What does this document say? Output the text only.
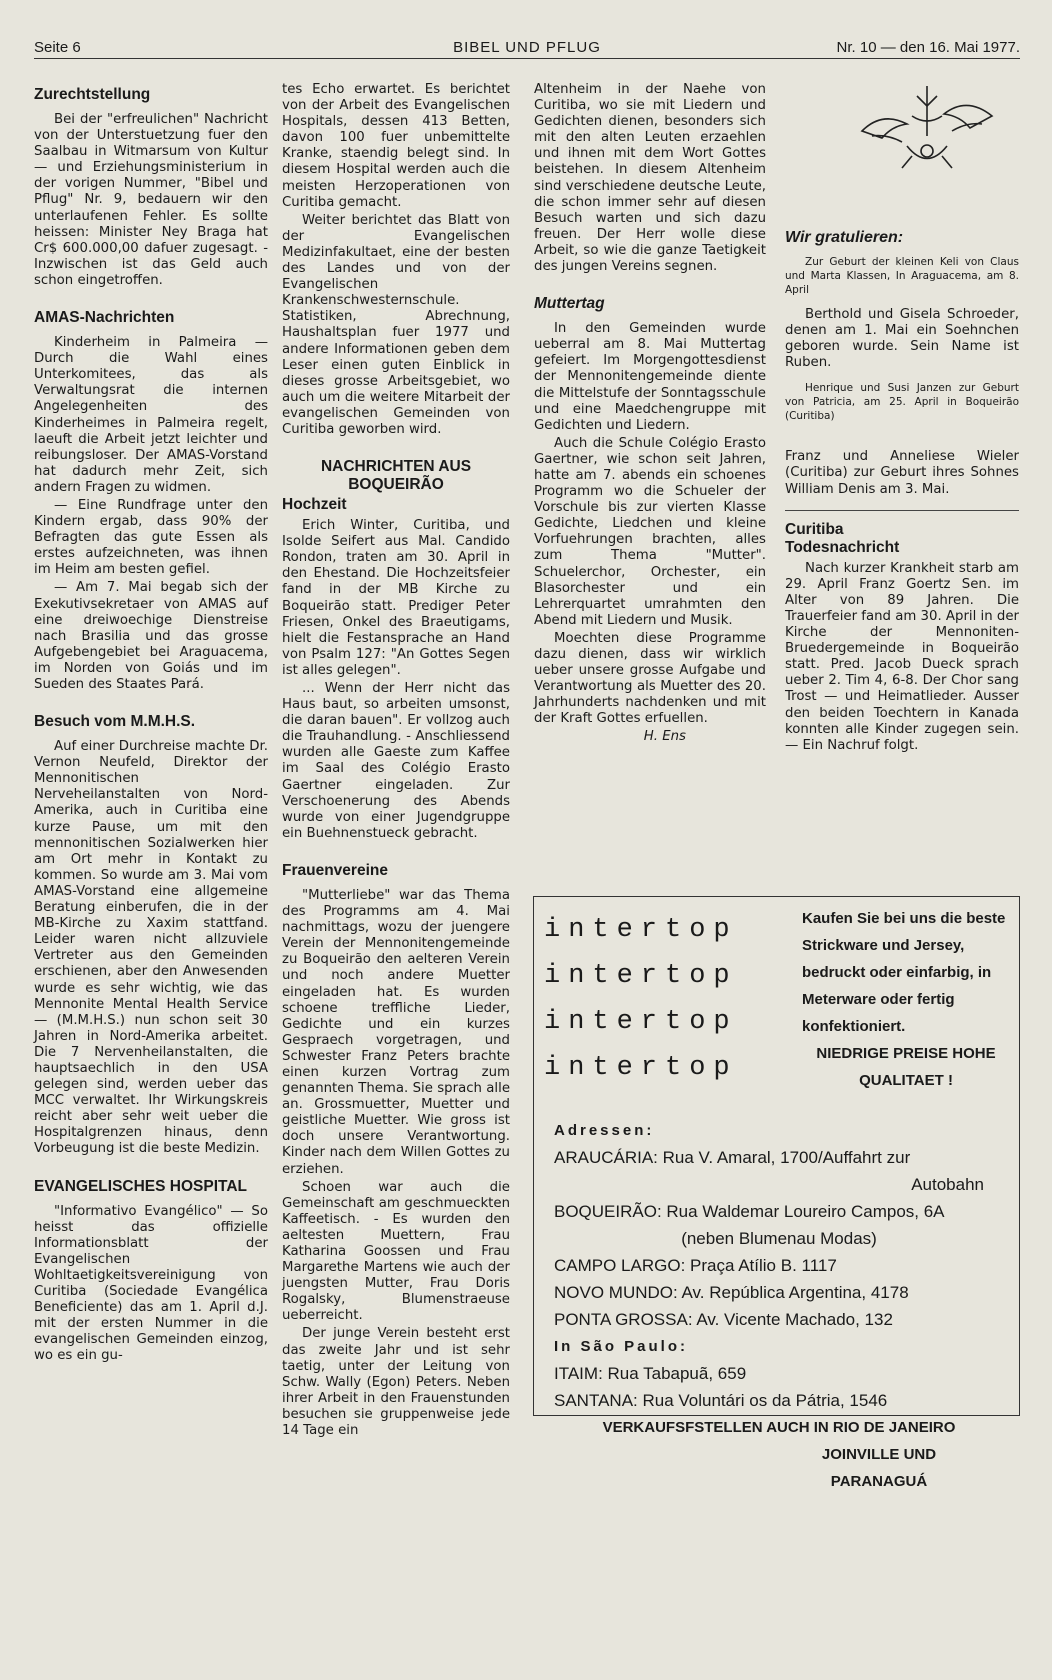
Seite 6	BIBEL UND PFLUG	Nr. 10 — den 16. Mai 1977.
Zurechtstellung

Bei der "erfreulichen" Nachricht von der Unterstuetzung fuer den Saalbau in Witmarsum von Kultur — und Erziehungsministerium in der vorigen Nummer, "Bibel und Pflug" Nr. 9, bedauern wir den unterlaufenen Fehler. Es sollte heissen: Minister Ney Braga hat Cr$ 600.000,00 dafuer zugesagt. - Inzwischen ist das Geld auch schon eingetroffen.

AMAS-Nachrichten

Kinderheim in Palmeira — Durch die Wahl eines Unterkomitees, das als Verwaltungsrat die internen Angelegenheiten des Kinderheimes in Palmeira regelt, laeuft die Arbeit jetzt leichter und reibungsloser. Der AMAS-Vorstand hat dadurch mehr Zeit, sich andern Fragen zu widmen.

— Eine Rundfrage unter den Kindern ergab, dass 90% der Befragten das gute Essen als erstes aufzeichneten, was ihnen im Heim am besten gefiel.

— Am 7. Mai begab sich der Exekutivsekretaer von AMAS auf eine dreiwoechige Dienstreise nach Brasilia und das grosse Aufgebengebiet bei Araguacema, im Norden von Goiás und im Sueden des Staates Pará.

Besuch vom M.M.H.S.

Auf einer Durchreise machte Dr. Vernon Neufeld, Direktor der Mennonitischen Nerveheilanstalten von Nord-Amerika, auch in Curitiba eine kurze Pause, um mit den mennonitischen Sozialwerken hier am Ort mehr in Kontakt zu kommen. So wurde am 3. Mai vom AMAS-Vorstand eine allgemeine Beratung einberufen, die in der MB-Kirche zu Xaxim stattfand. Leider waren nicht allzuviele Vertreter aus den Gemeinden erschienen, aber den Anwesenden wurde es sehr wichtig, wie das Mennonite Mental Health Service — (M.M.H.S.) nun schon seit 30 Jahren in Nord-Amerika arbeitet. Die 7 Nervenheilanstalten, die hauptsaechlich in den USA gelegen sind, werden ueber das MCC verwaltet. Ihr Wirkungskreis reicht aber sehr weit ueber die Hospitalgrenzen hinaus, denn Vorbeugung ist die beste Medizin.

EVANGELISCHES HOSPITAL

"Informativo Evangélico" — So heisst das offizielle Informationsblatt der Evangelischen Wohltaetigkeitsvereinigung von Curitiba (Sociedade Evangélica Beneficiente) das am 1. April d.J. mit der ersten Nummer in die evangelischen Gemeinden einzog, wo es ein gu-

tes Echo erwartet. Es berichtet von der Arbeit des Evangelischen Hospitals, dessen 413 Betten, davon 100 fuer unbemittelte Kranke, staendig belegt sind. In diesem Hospital werden auch die meisten Herzoperationen von Curitiba gemacht.

Weiter berichtet das Blatt von der Evangelischen Medizinfakultaet, eine der besten des Landes und von der Evangelischen Krankenschwesternschule. Statistiken, Abrechnung, Haushaltsplan fuer 1977 und andere Informationen geben dem Leser einen guten Einblick in dieses grosse Arbeitsgebiet, wo auch um die weitere Mitarbeit der evangelischen Gemeinden von Curitiba geworben wird.

NACHRICHTEN AUS BOQUEIRÃO
Hochzeit

Erich Winter, Curitiba, und Isolde Seifert aus Mal. Candido Rondon, traten am 30. April in den Ehestand. Die Hochzeitsfeier fand in der MB Kirche zu Boqueirão statt. Prediger Peter Friesen, Onkel des Braeutigams, hielt die Festansprache an Hand von Psalm 127: "An Gottes Segen ist alles gelegen".

... Wenn der Herr nicht das Haus baut, so arbeiten umsonst, die daran bauen". Er vollzog auch die Trauhandlung. - Anschliessend wurden alle Gaeste zum Kaffee im Saal des Colégio Erasto Gaertner eingeladen. Zur Verschoenerung des Abends wurde von einer Jugendgruppe ein Buehnenstueck gebracht.

Frauenvereine

"Mutterliebe" war das Thema des Programms am 4. Mai nachmittags, wozu der juengere Verein der Mennonitengemeinde zu Boqueirão den aelteren Verein und noch andere Muetter eingeladen hat. Es wurden schoene treffliche Lieder, Gedichte und ein kurzes Gespraech vorgetragen, und Schwester Franz Peters brachte einen kurzen Vortrag zum genannten Thema. Sie sprach alle an. Grossmuetter, Muetter und geistliche Muetter. Wie gross ist doch unsere Verantwortung. Kinder nach dem Willen Gottes zu erziehen.

Schoen war auch die Gemeinschaft am geschmueckten Kaffeetisch. - Es wurden den aeltesten Muettern, Frau Katharina Goossen und Frau Margarethe Martens wie auch der juengsten Mutter, Frau Doris Rogalsky, Blumenstraeuse ueberreicht.

Der junge Verein besteht erst das zweite Jahr und ist sehr taetig, unter der Leitung von Schw. Wally (Egon) Peters. Neben ihrer Arbeit in den Frauenstunden besuchen sie gruppenweise jede 14 Tage ein

Altenheim in der Naehe von Curitiba, wo sie mit Liedern und Gedichten dienen, besonders sich mit den alten Leuten erzaehlen und ihnen mit dem Wort Gottes beistehen. In diesem Altenheim sind verschiedene deutsche Leute, die schon immer sehr auf diesen Besuch warten und sich dazu freuen. Der Herr wolle diese Arbeit, so wie die ganze Taetigkeit des jungen Vereins segnen.

Muttertag

In den Gemeinden wurde ueberral am 8. Mai Muttertag gefeiert. Im Morgengottesdienst der Mennonitengemeinde diente die Mittelstufe der Sonntagsschule und eine Maedchengruppe mit Gedichten und Liedern.

Auch die Schule Colégio Erasto Gaertner, wie schon seit Jahren, hatte am 7. abends ein schoenes Programm wo die Schueler der Vorschule bis zur vierten Klasse Gedichte, Liedchen und kleine Vorfuehrungen brachten, alles zum Thema "Mutter". Schuelerchor, Orchester, ein Blasorchester und ein Lehrerquartet umrahmten den Abend mit Liedern und Musik.

Moechten diese Programme dazu dienen, dass wir wirklich ueber unsere grosse Aufgabe und Verantwortung als Muetter des 20. Jahrhunderts nachdenken und mit der Kraft Gottes erfuellen.

H. Ens
Wir gratulieren:

Zur Geburt der kleinen Keli von Claus und Marta Klassen, In Araguacema, am 8. April

Berthold und Gisela Schroeder, denen am 1. Mai ein Soehnchen geboren wurde. Sein Name ist Ruben.

Henrique und Susi Janzen zur Geburt von Patricia, am 25. April in Boqueirão (Curitiba)

Franz und Anneliese Wieler (Curitiba) zur Geburt ihres Sohnes William Denis am 3. Mai.

Curitiba
Todesnachricht

Nach kurzer Krankheit starb am 29. April Franz Goertz Sen. im Alter von 89 Jahren. Die Trauerfeier fand am 30. April in der Kirche der Mennoniten-Bruedergemeinde in Boqueirão statt. Pred. Jacob Dueck sprach ueber 2. Tim 4, 6-8. Der Chor sang Trost — und Heimatlieder. Ausser den beiden Toechtern in Kanada konnten alle Kinder zugegen sein. — Ein Nachruf folgt.

intertop
intertop
intertop
intertop
Kaufen Sie bei uns die beste Strickware und Jersey, bedruckt oder einfarbig, in Meterware oder fertig konfektioniert.
NIEDRIGE PREISE HOHE QUALITAET !
Adressen:
ARAUCÁRIA: Rua V. Amaral, 1700/Auffahrt zur
Autobahn
BOQUEIRÃO: Rua Waldemar Loureiro Campos, 6A
(neben Blumenau Modas)
CAMPO LARGO: Praça Atílio B. 1117
NOVO MUNDO: Av. República Argentina, 4178
PONTA GROSSA: Av. Vicente Machado, 132
In São Paulo:
ITAIM: Rua Tabapuã, 659
SANTANA: Rua Voluntári os da Pátria, 1546
VERKAUFSFSTELLEN AUCH IN RIO DE JANEIRO
JOINVILLE UND
PARANAGUÁ
